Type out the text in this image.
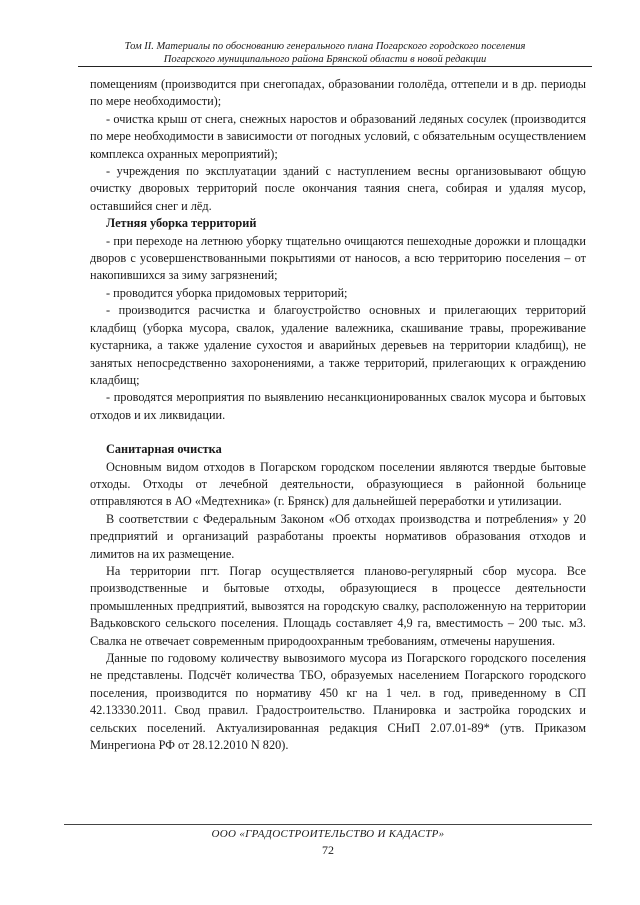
Том II. Материалы по обоснованию генерального плана Погарского городского поселения
Погарского муниципального района Брянской области в новой редакции

помещениям (производится при снегопадах, образовании гололёда, оттепели и в др. периоды по мере необходимости);

- очистка крыш от снега, снежных наростов и образований ледяных сосулек (производится по мере необходимости в зависимости от погодных условий, с обязательным осуществлением комплекса охранных мероприятий);

- учреждения по эксплуатации зданий с наступлением весны организовывают общую очистку дворовых территорий после окончания таяния снега, собирая и удаляя мусор, оставшийся снег и лёд.

Летняя уборка территорий

- при переходе на летнюю уборку тщательно очищаются пешеходные дорожки и площадки дворов с усовершенствованными покрытиями от наносов, а всю территорию поселения – от накопившихся за зиму загрязнений;

- проводится уборка придомовых территорий;

- производится расчистка и благоустройство основных и прилегающих территорий кладбищ (уборка мусора, свалок, удаление валежника, скашивание травы, прореживание кустарника, а также удаление сухостоя и аварийных деревьев на территории кладбищ), не занятых непосредственно захоронениями, а также территорий, прилегающих к ограждению кладбищ;

- проводятся мероприятия по выявлению несанкционированных свалок мусора и бытовых отходов и их ликвидации.

Санитарная очистка

Основным видом отходов в Погарском городском поселении являются твердые бытовые отходы. Отходы от лечебной деятельности, образующиеся в районной больнице отправляются в АО «Медтехника» (г. Брянск) для дальнейшей переработки и утилизации.

В соответствии с Федеральным Законом «Об отходах производства и потребления» у 20 предприятий и организаций разработаны проекты нормативов образования отходов и лимитов на их размещение.

На территории пгт. Погар осуществляется планово-регулярный сбор мусора. Все производственные и бытовые отходы, образующиеся в процессе деятельности промышленных предприятий, вывозятся на городскую свалку, расположенную на территории Вадьковского сельского поселения. Площадь составляет 4,9 га, вместимость – 200 тыс. м3. Свалка не отвечает современным природоохранным требованиям, отмечены нарушения.

Данные по годовому количеству вывозимого мусора из Погарского городского поселения не представлены. Подсчёт количества ТБО, образуемых населением Погарского городского поселения, производится по нормативу 450 кг на 1 чел. в год, приведенному в СП 42.13330.2011. Свод правил. Градостроительство. Планировка и застройка городских и сельских поселений. Актуализированная редакция СНиП 2.07.01-89* (утв. Приказом Минрегиона РФ от 28.12.2010 N 820).

ООО «ГРАДОСТРОИТЕЛЬСТВО И КАДАСТР»
72
